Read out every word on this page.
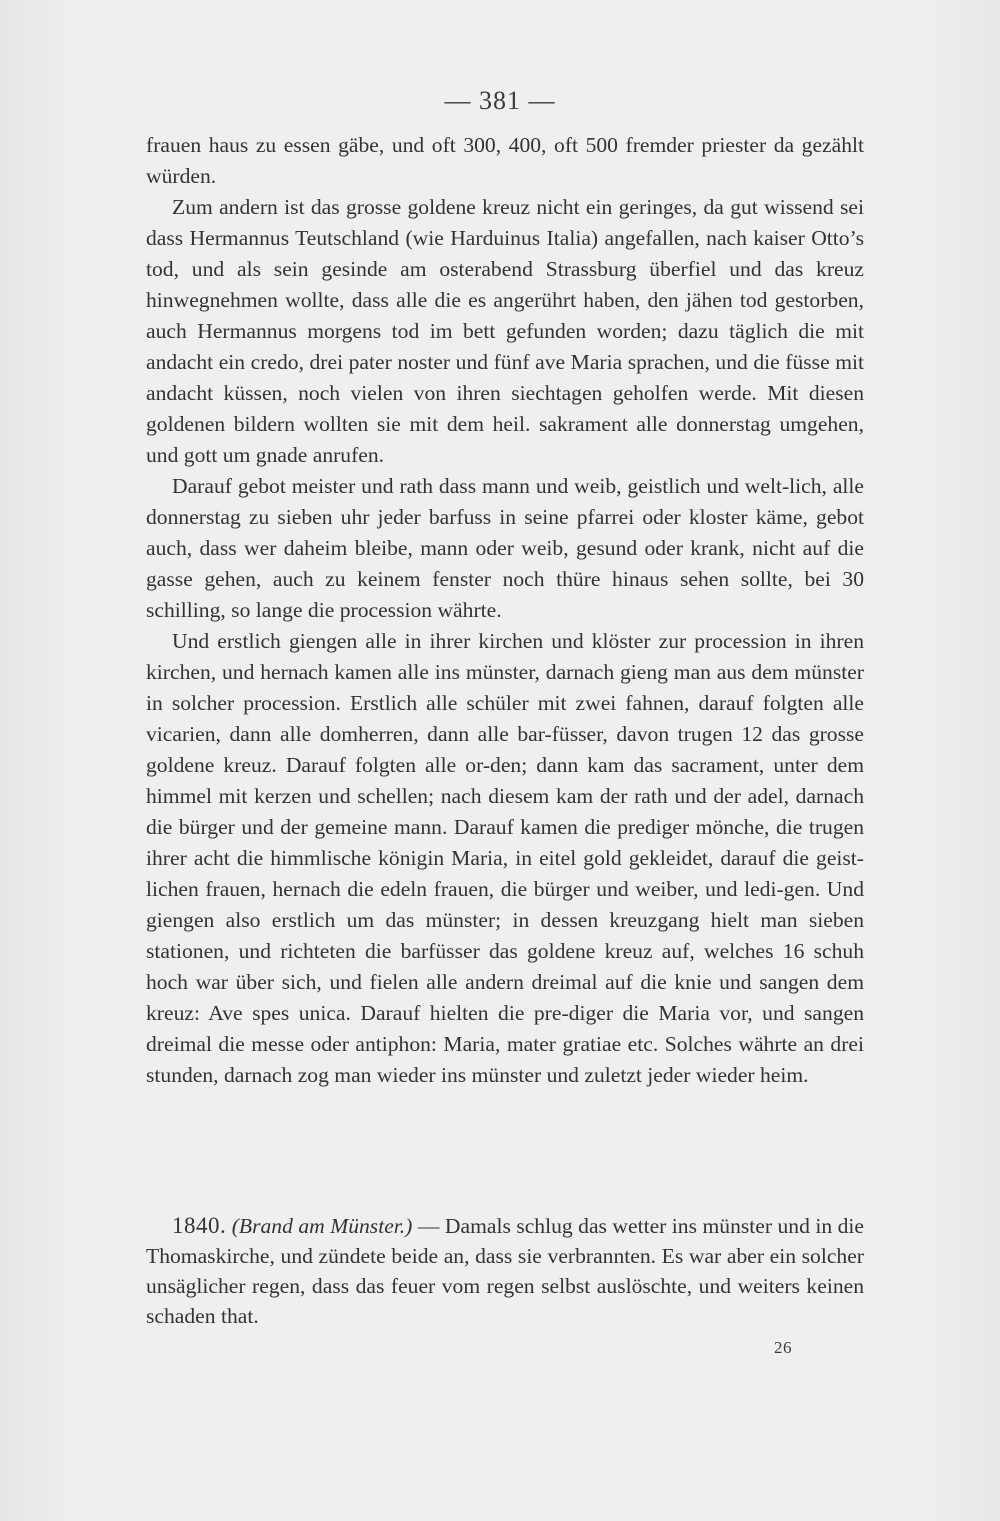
— 381 —

frauen haus zu essen gäbe, und oft 300, 400, oft 500 fremder priester da gezählt würden.

Zum andern ist das grosse goldene kreuz nicht ein geringes, da gut wissend sei dass Hermannus Teutschland (wie Harduinus Italia) angefallen, nach kaiser Otto’s tod, und als sein gesinde am osterabend Strassburg überfiel und das kreuz hinwegnehmen wollte, dass alle die es angerührt haben, den jähen tod gestorben, auch Hermannus morgens tod im bett gefunden worden; dazu täglich die mit andacht ein credo, drei pater noster und fünf ave Maria sprachen, und die füsse mit andacht küssen, noch vielen von ihren siechtagen geholfen werde. Mit diesen goldenen bildern wollten sie mit dem heil. sakrament alle donnerstag umgehen, und gott um gnade anrufen.

Darauf gebot meister und rath dass mann und weib, geistlich und welt-lich, alle donnerstag zu sieben uhr jeder barfuss in seine pfarrei oder kloster käme, gebot auch, dass wer daheim bleibe, mann oder weib, gesund oder krank, nicht auf die gasse gehen, auch zu keinem fenster noch thüre hinaus sehen sollte, bei 30 schilling, so lange die procession währte.

Und erstlich giengen alle in ihrer kirchen und klöster zur procession in ihren kirchen, und hernach kamen alle ins münster, darnach gieng man aus dem münster in solcher procession. Erstlich alle schüler mit zwei fahnen, darauf folgten alle vicarien, dann alle domherren, dann alle bar-füsser, davon trugen 12 das grosse goldene kreuz. Darauf folgten alle or-den; dann kam das sacrament, unter dem himmel mit kerzen und schellen; nach diesem kam der rath und der adel, darnach die bürger und der gemeine mann. Darauf kamen die prediger mönche, die trugen ihrer acht die himmlische königin Maria, in eitel gold gekleidet, darauf die geist-lichen frauen, hernach die edeln frauen, die bürger und weiber, und ledi-gen. Und giengen also erstlich um das münster; in dessen kreuzgang hielt man sieben stationen, und richteten die barfüsser das goldene kreuz auf, welches 16 schuh hoch war über sich, und fielen alle andern dreimal auf die knie und sangen dem kreuz: Ave spes unica. Darauf hielten die pre-diger die Maria vor, und sangen dreimal die messe oder antiphon: Maria, mater gratiae etc. Solches währte an drei stunden, darnach zog man wieder ins münster und zuletzt jeder wieder heim.

1840. (Brand am Münster.) — Damals schlug das wetter ins münster und in die Thomaskirche, und zündete beide an, dass sie verbrannten. Es war aber ein solcher unsäglicher regen, dass das feuer vom regen selbst auslöschte, und weiters keinen schaden that.

26
